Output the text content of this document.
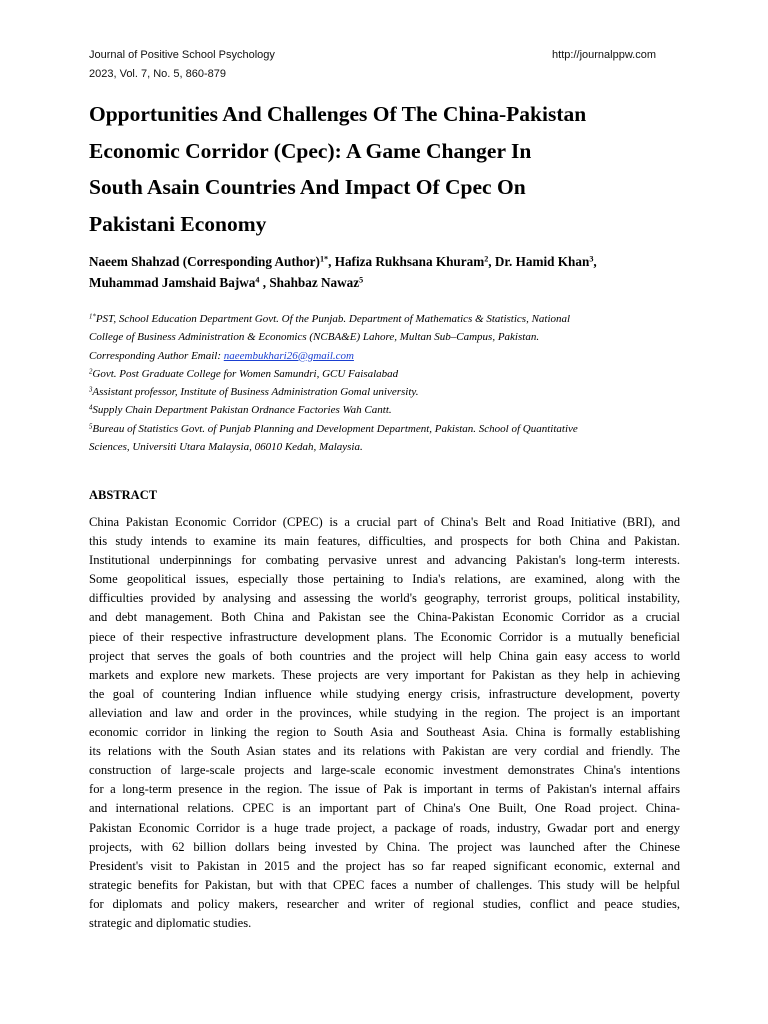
Journal of Positive School Psychology
2023, Vol. 7, No. 5, 860-879
http://journalppw.com
Opportunities And Challenges Of The China-Pakistan
Economic Corridor (Cpec): A Game Changer In
South Asain Countries And Impact Of Cpec On
Pakistani Economy
Naeem Shahzad (Corresponding Author)$^{1*}$, Hafiza Rukhsana Khuram$^2$, Dr. Hamid Khan$^3$,
Muhammad Jamshaid Bajwa$^4$ , Shahbaz Nawaz$^5$
$^{1*}$PST, School Education Department Govt. Of the Punjab. Department of Mathematics & Statistics, National
College of Business Administration & Economics (NCBA&E) Lahore, Multan Sub–Campus, Pakistan.
Corresponding Author Email: naeembukhari26@gmail.com
$^2$Govt. Post Graduate College for Women Samundri, GCU Faisalabad
$^3$Assistant professor, Institute of Business Administration Gomal university.
$^4$Supply Chain Department Pakistan Ordnance Factories Wah Cantt.
$^5$Bureau of Statistics Govt. of Punjab Planning and Development Department, Pakistan. School of Quantitative
Sciences, Universiti Utara Malaysia, 06010 Kedah, Malaysia.
ABSTRACT
China Pakistan Economic Corridor (CPEC) is a crucial part of China's Belt and Road Initiative (BRI), and
this study intends to examine its main features, difficulties, and prospects for both China and Pakistan.
Institutional underpinnings for combating pervasive unrest and advancing Pakistan's long-term interests.
Some geopolitical issues, especially those pertaining to India's relations, are examined, along with the
difficulties provided by analysing and assessing the world's geography, terrorist groups, political instability,
and debt management. Both China and Pakistan see the China-Pakistan Economic Corridor as a crucial
piece of their respective infrastructure development plans. The Economic Corridor is a mutually beneficial
project that serves the goals of both countries and the project will help China gain easy access to world
markets and explore new markets. These projects are very important for Pakistan as they help in achieving
the goal of countering Indian influence while studying energy crisis, infrastructure development, poverty
alleviation and law and order in the provinces, while studying in the region. The project is an important
economic corridor in linking the region to South Asia and Southeast Asia. China is formally establishing
its relations with the South Asian states and its relations with Pakistan are very cordial and friendly. The
construction of large-scale projects and large-scale economic investment demonstrates China's intentions
for a long-term presence in the region. The issue of Pak is important in terms of Pakistan's internal affairs
and international relations. CPEC is an important part of China's One Built, One Road project. China-
Pakistan Economic Corridor is a huge trade project, a package of roads, industry, Gwadar port and energy
projects, with 62 billion dollars being invested by China. The project was launched after the Chinese
President's visit to Pakistan in 2015 and the project has so far reaped significant economic, external and
strategic benefits for Pakistan, but with that CPEC faces a number of challenges. This study will be helpful
for diplomats and policy makers, researcher and writer of regional studies, conflict and peace studies,
strategic and diplomatic studies.
